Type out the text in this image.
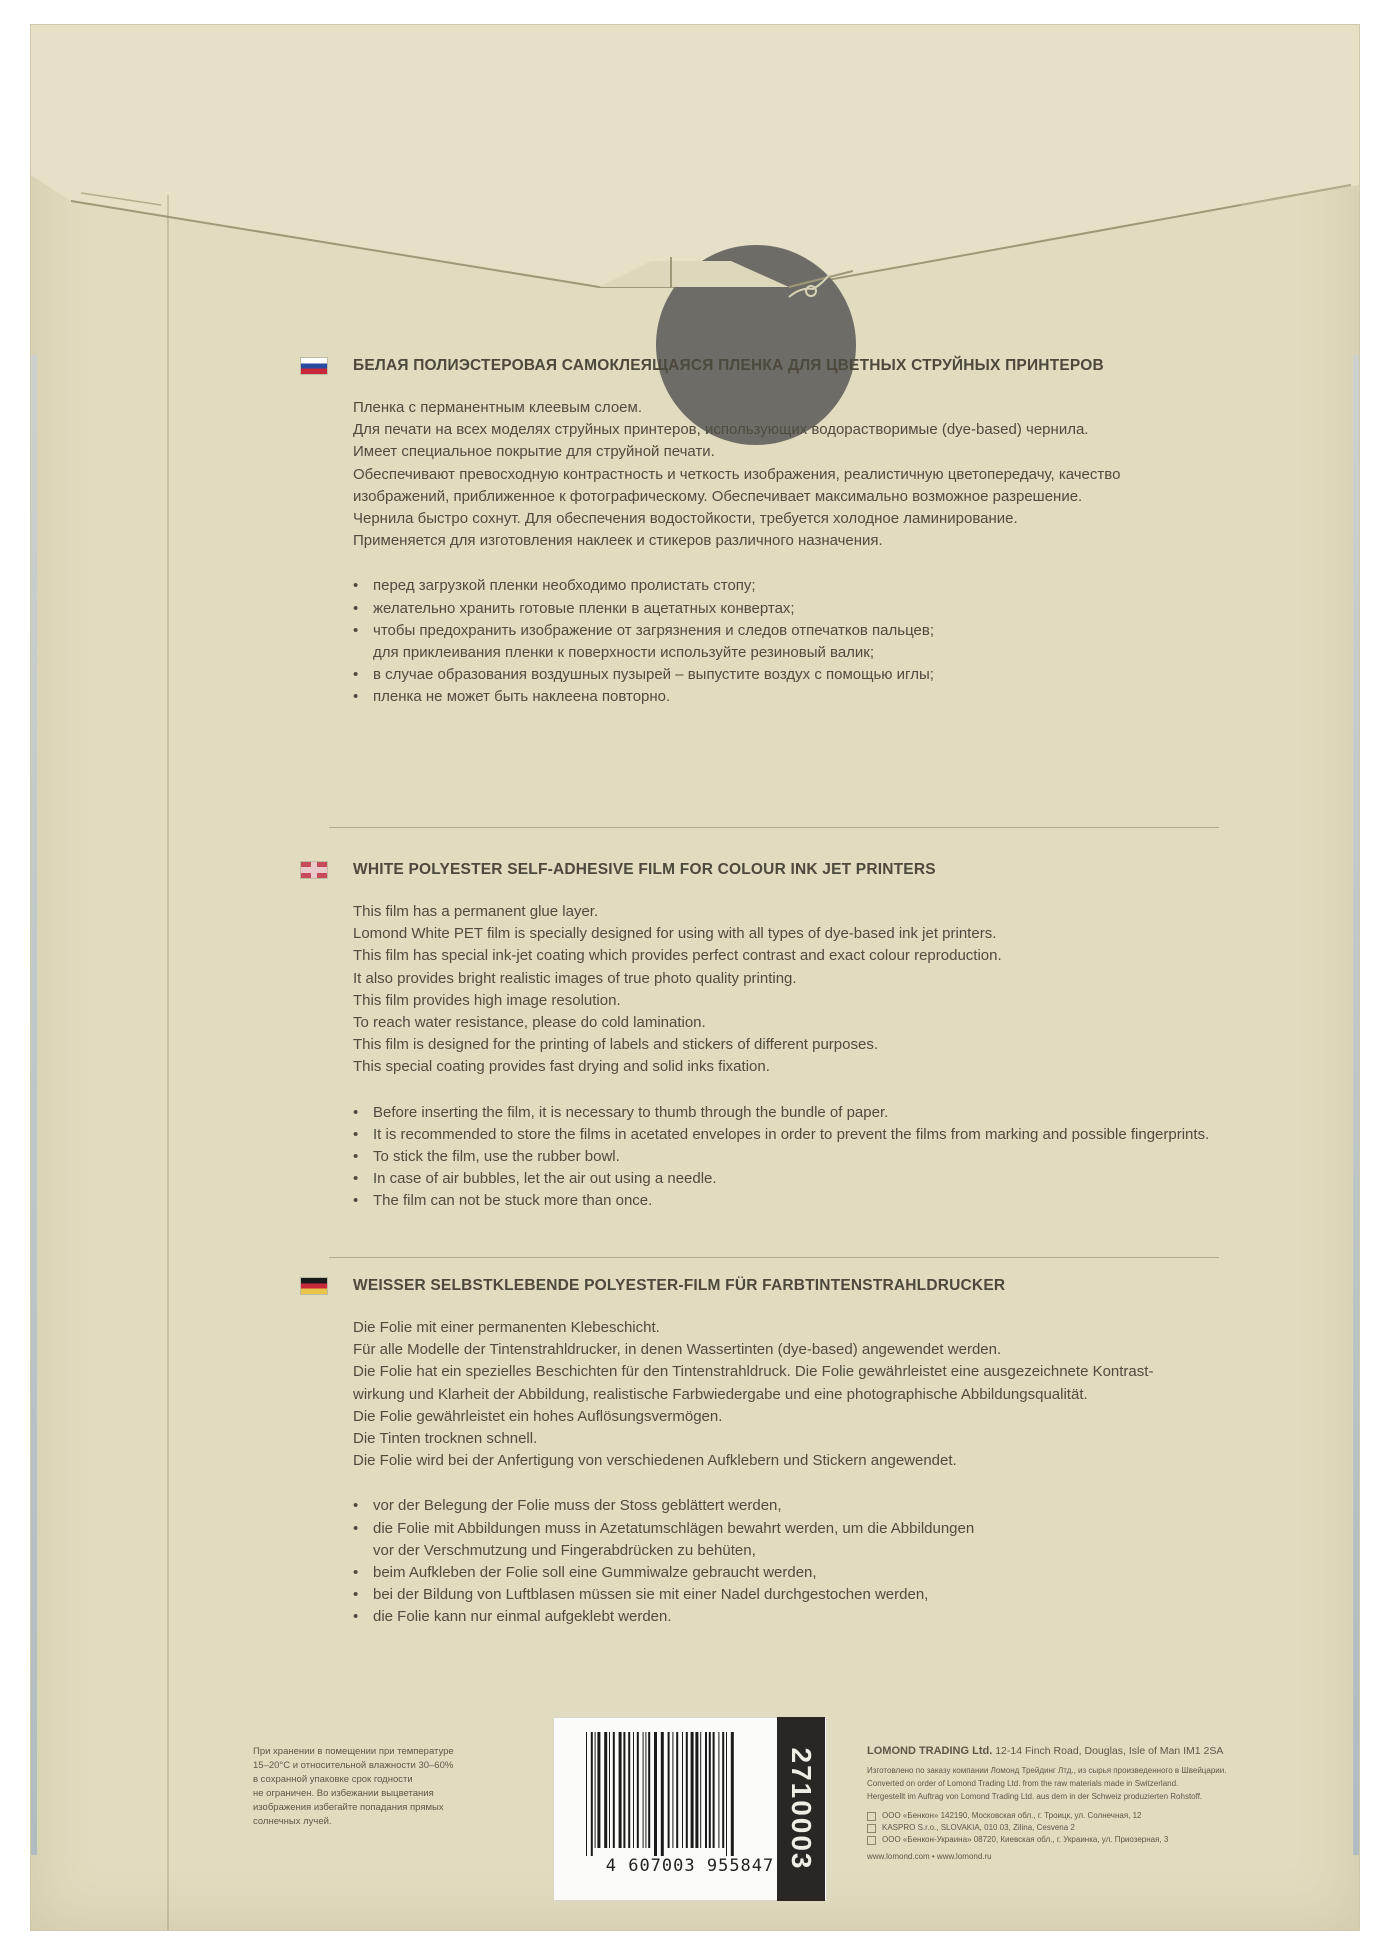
БЕЛАЯ ПОЛИЭСТЕРОВАЯ САМОКЛЕЯЩАЯСЯ ПЛЕНКА ДЛЯ ЦВЕТНЫХ СТРУЙНЫХ ПРИНТЕРОВ
Пленка с перманентным клеевым слоем.
Для печати на всех моделях струйных принтеров, использующих водорастворимые (dye-based) чернила.
Имеет специальное покрытие для струйной печати.
Обеспечивают превосходную контрастность и четкость изображения, реалистичную цветопередачу, качество
изображений, приближенное к фотографическому. Обеспечивает максимально возможное разрешение.
Чернила быстро сохнут. Для обеспечения водостойкости, требуется холодное ламинирование.
Применяется для изготовления наклеек и стикеров различного назначения.
• перед загрузкой пленки необходимо пролистать стопу;
• желательно хранить готовые пленки в ацетатных конвертах;
• чтобы предохранить изображение от загрязнения и следов отпечатков пальцев;
для приклеивания пленки к поверхности используйте резиновый валик;
• в случае образования воздушных пузырей – выпустите воздух с помощью иглы;
• пленка не может быть наклеена повторно.
WHITE POLYESTER SELF-ADHESIVE FILM FOR COLOUR INK JET PRINTERS
This film has a permanent glue layer.
Lomond White PET film is specially designed for using with all types of dye-based ink jet printers.
This film has special ink-jet coating which provides perfect contrast and exact colour reproduction.
It also provides bright realistic images of true photo quality printing.
This film provides high image resolution.
To reach water resistance, please do cold lamination.
This film is designed for the printing of labels and stickers of different purposes.
This special coating provides fast drying and solid inks fixation.
• Before inserting the film, it is necessary to thumb through the bundle of paper.
• It is recommended to store the films in acetated envelopes in order to prevent the films from marking and possible fingerprints.
• To stick the film, use the rubber bowl.
• In case of air bubbles, let the air out using a needle.
• The film can not be stuck more than once.
WEISSER SELBSTKLEBENDE POLYESTER-FILM FÜR FARBTINTENSTRAHLDRUCKER
Die Folie mit einer permanenten Klebeschicht.
Für alle Modelle der Tintenstrahldrucker, in denen Wassertinten (dye-based) angewendet werden.
Die Folie hat ein spezielles Beschichten für den Tintenstrahldruck. Die Folie gewährleistet eine ausgezeichnete Kontrast-
wirkung und Klarheit der Abbildung, realistische Farbwiedergabe und eine photographische Abbildungsqualität.
Die Folie gewährleistet ein hohes Auflösungsvermögen.
Die Tinten trocknen schnell.
Die Folie wird bei der Anfertigung von verschiedenen Aufklebern und Stickern angewendet.
• vor der Belegung der Folie muss der Stoss geblättert werden,
• die Folie mit Abbildungen muss in Azetatumschlägen bewahrt werden, um die Abbildungen
vor der Verschmutzung und Fingerabdrücken zu behüten,
• beim Aufkleben der Folie soll eine Gummiwalze gebraucht werden,
• bei der Bildung von Luftblasen müssen sie mit einer Nadel durchgestochen werden,
• die Folie kann nur einmal aufgeklebt werden.
При хранении в помещении при температуре
15–20°C и относительной влажности 30–60%
в сохранной упаковке срок годности
не ограничен. Во избежании выцветания
изображения избегайте попадания прямых
солнечных лучей.
4 607003 955847 2710003	LOMOND TRADING Ltd. 12-14 Finch Road, Douglas, Isle of Man IM1 2SA
Изготовлено по заказу компании Ломонд Трейдинг Лтд., из сырья произведенного в Швейцарии.
Converted on order of Lomond Trading Ltd. from the raw materials made in Switzerland.
Hergestellt im Auftrag von Lomond Trading Ltd. aus dem in der Schweiz produzierten Rohstoff.
ООО «Бенкон» 142190, Московская обл., г. Троицк, ул. Солнечная, 12
KASPRO S.r.o., SLOVAKIA, 010 03, Zilina, Cesvena 2
ООО «Бенкон-Украина» 08720, Киевская обл., г. Украинка, ул. Приозерная, 3
www.lomond.com • www.lomond.ru
